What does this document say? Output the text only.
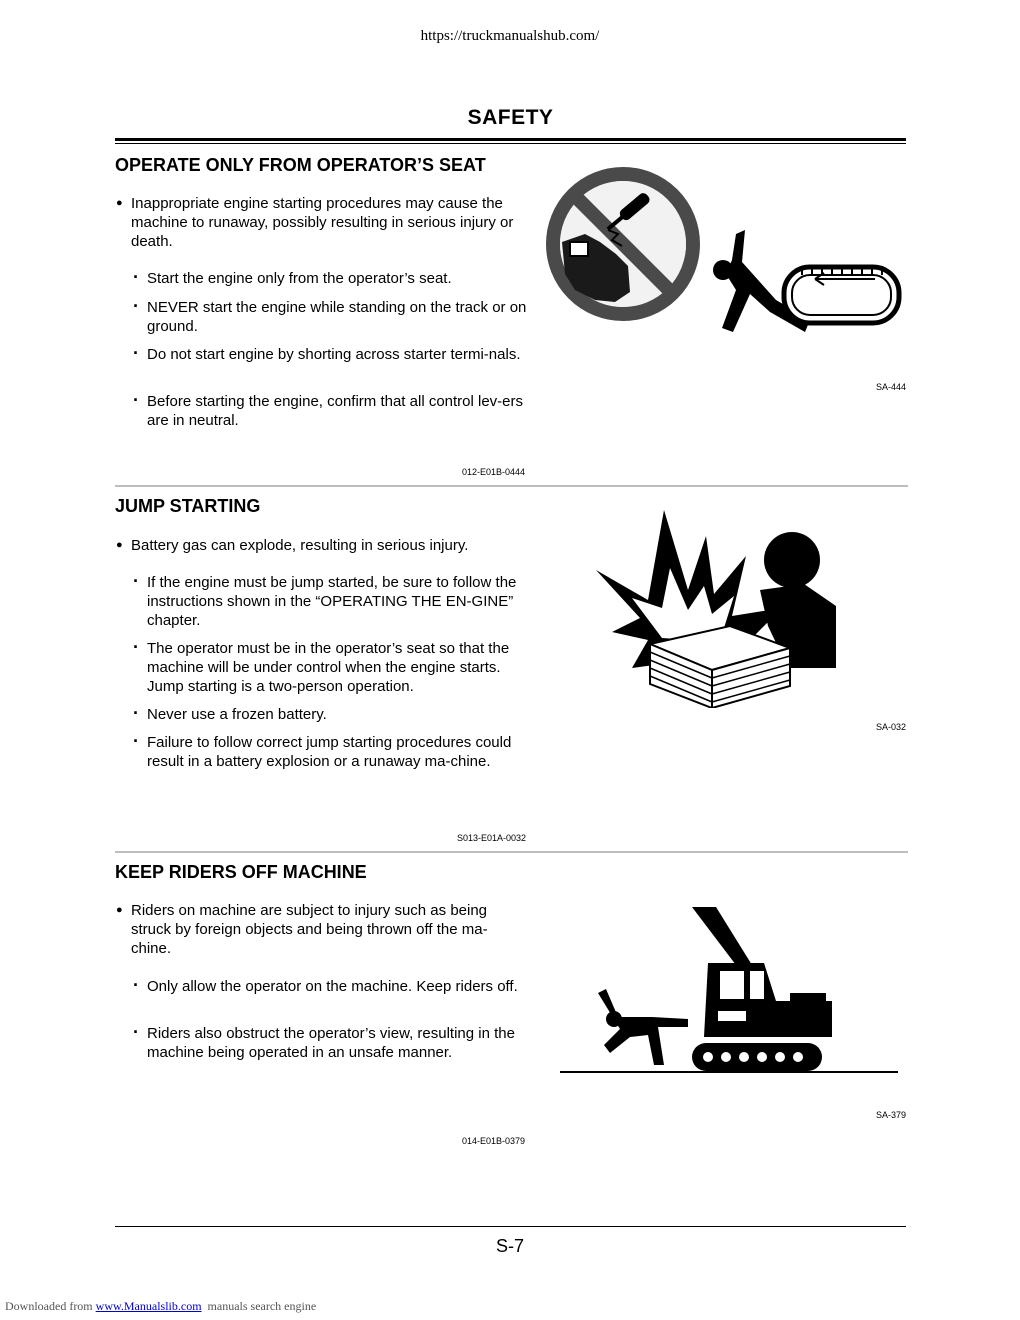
https://truckmanualshub.com/
SAFETY
OPERATE ONLY FROM OPERATOR’S SEAT
● Inappropriate engine starting procedures may cause the machine to runaway, possibly resulting in serious injury or death.
· Start the engine only from the operator’s seat.
· NEVER start the engine while standing on the track or on ground.
· Do not start engine by shorting across starter termi-nals.
· Before starting the engine, confirm that all control lev-ers are in neutral.
SA-444
012-E01B-0444
JUMP STARTING
● Battery gas can explode, resulting in serious injury.
· If the engine must be jump started, be sure to follow the instructions shown in the “OPERATING THE EN-GINE” chapter.
· The operator must be in the operator’s seat so that the machine will be under control when the engine starts. Jump starting is a two-person operation.
· Never use a frozen battery.
· Failure to follow correct jump starting procedures could result in a battery explosion or a runaway ma-chine.
SA-032
S013-E01A-0032
KEEP RIDERS OFF MACHINE
● Riders on machine are subject to injury such as being struck by foreign objects and being thrown off the ma-chine.
· Only allow the operator on the machine. Keep riders off.
· Riders also obstruct the operator’s view, resulting in the machine being operated in an unsafe manner.
SA-379
014-E01B-0379
S-7
Downloaded from www.Manualslib.com manuals search engine
